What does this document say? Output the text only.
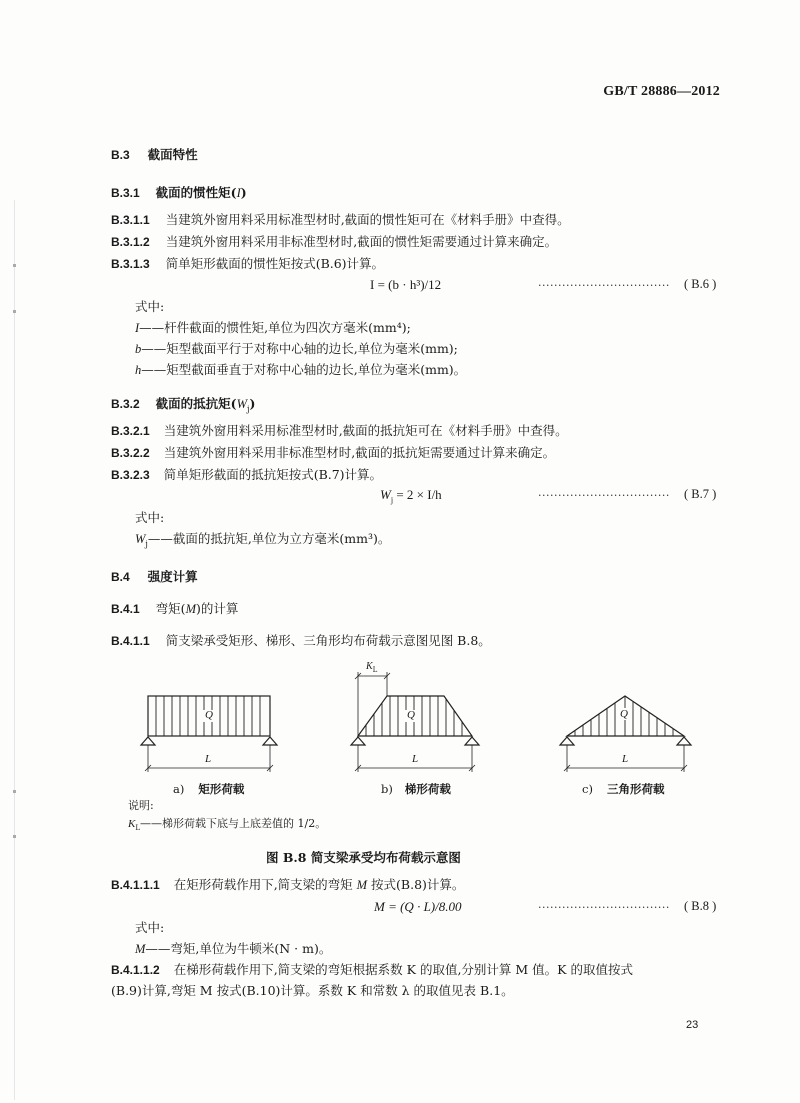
GB/T 28886—2012
B.3 截面特性
B.3.1 截面的惯性矩(I)
B.3.1.1 当建筑外窗用料采用标准型材时,截面的惯性矩可在《材料手册》中查得。
B.3.1.2 当建筑外窗用料采用非标准型材时,截面的惯性矩需要通过计算来确定。
B.3.1.3 简单矩形截面的惯性矩按式(B.6)计算。
I = (b · h³)/12	································· ( B.6 )
式中:
I——杆件截面的惯性矩,单位为四次方毫米(mm⁴);
b——矩型截面平行于对称中心轴的边长,单位为毫米(mm);
h——矩型截面垂直于对称中心轴的边长,单位为毫米(mm)。
B.3.2 截面的抵抗矩$(W_j)$
B.3.2.1 当建筑外窗用料采用标准型材时,截面的抵抗矩可在《材料手册》中查得。
B.3.2.2 当建筑外窗用料采用非标准型材时,截面的抵抗矩需要通过计算来确定。
B.3.2.3 简单矩形截面的抵抗矩按式(B.7)计算。
$W_j = 2 \times I/h$	································· ( B.7 )
式中:
$W_j——$截面的抵抗矩,单位为立方毫米(mm³)。
B.4 强度计算
B.4.1 弯矩(M)的计算
B.4.1.1 简支梁承受矩形、梯形、三角形均布荷载示意图见图 B.8。
Q	Q	Q
L	L	L
$K_L$
a) 矩形荷载	b) 梯形荷载	c) 三角形荷载
说明:
$K_L——$梯形荷载下底与上底差值的 1/2。
图 B.8 简支梁承受均布荷载示意图
B.4.1.1.1 在矩形荷载作用下,简支梁的弯矩 M 按式(B.8)计算。
M = (Q · L)/8.00	································· ( B.8 )
式中:
M——弯矩,单位为牛顿米(N · m)。
B.4.1.1.2 在梯形荷载作用下,简支梁的弯矩根据系数 K 的取值,分别计算 M 值。K 的取值按式
(B.9)计算,弯矩 M 按式(B.10)计算。系数 K 和常数 λ 的取值见表 B.1。
23
